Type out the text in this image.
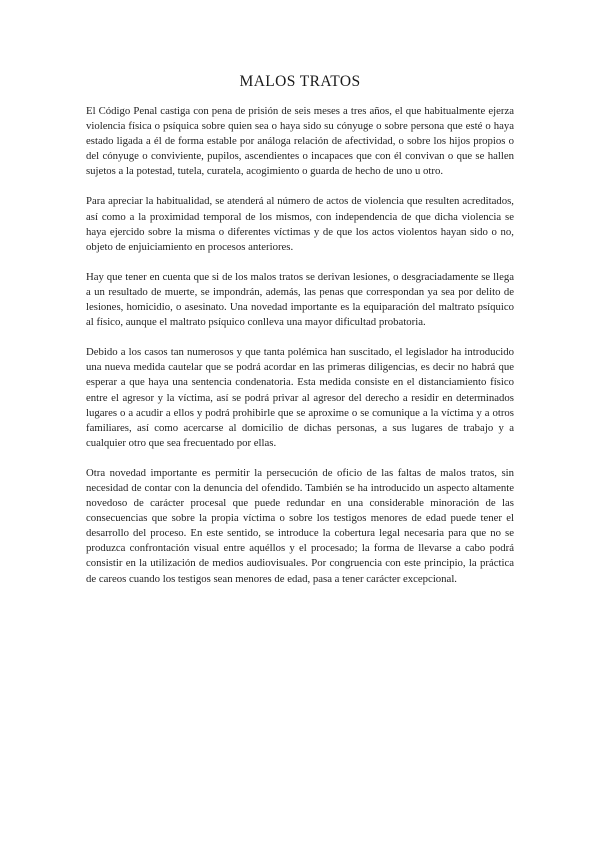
MALOS TRATOS

El Código Penal castiga con pena de prisión de seis meses a tres años, el que habitualmente ejerza violencia física o psíquica sobre quien sea o haya sido su cónyuge o sobre persona que esté o haya estado ligada a él de forma estable por análoga relación de afectividad, o sobre los hijos propios o del cónyuge o conviviente, pupilos, ascendientes o incapaces que con él convivan o que se hallen sujetos a la potestad, tutela, curatela, acogimiento o guarda de hecho de uno u otro.

Para apreciar la habitualidad, se atenderá al número de actos de violencia que resulten acreditados, así como a la proximidad temporal de los mismos, con independencia de que dicha violencia se haya ejercido sobre la misma o diferentes víctimas y de que los actos violentos hayan sido o no, objeto de enjuiciamiento en procesos anteriores.

Hay que tener en cuenta que si de los malos tratos se derivan lesiones, o desgraciadamente se llega a un resultado de muerte, se impondrán, además, las penas que correspondan ya sea por delito de lesiones, homicidio, o asesinato. Una novedad importante es la equiparación del maltrato psíquico al físico, aunque el maltrato psíquico conlleva una mayor dificultad probatoria.

Debido a los casos tan numerosos y que tanta polémica han suscitado, el legislador ha introducido una nueva medida cautelar que se podrá acordar en las primeras diligencias, es decir no habrá que esperar a que haya una sentencia condenatoria. Esta medida consiste en el distanciamiento físico entre el agresor y la víctima, así se podrá privar al agresor del derecho a residir en determinados lugares o a acudir a ellos y podrá prohibirle que se aproxime o se comunique a la víctima y a otros familiares, así como acercarse al domicilio de dichas personas, a sus lugares de trabajo y a cualquier otro que sea frecuentado por ellas.

Otra novedad importante es permitir la persecución de oficio de las faltas de malos tratos, sin necesidad de contar con la denuncia del ofendido. También se ha introducido un aspecto altamente novedoso de carácter procesal que puede redundar en una considerable minoración de las consecuencias que sobre la propia víctima o sobre los testigos menores de edad puede tener el desarrollo del proceso. En este sentido, se introduce la cobertura legal necesaria para que no se produzca confrontación visual entre aquéllos y el procesado; la forma de llevarse a cabo podrá consistir en la utilización de medios audiovisuales. Por congruencia con este principio, la práctica de careos cuando los testigos sean menores de edad, pasa a tener carácter excepcional.
